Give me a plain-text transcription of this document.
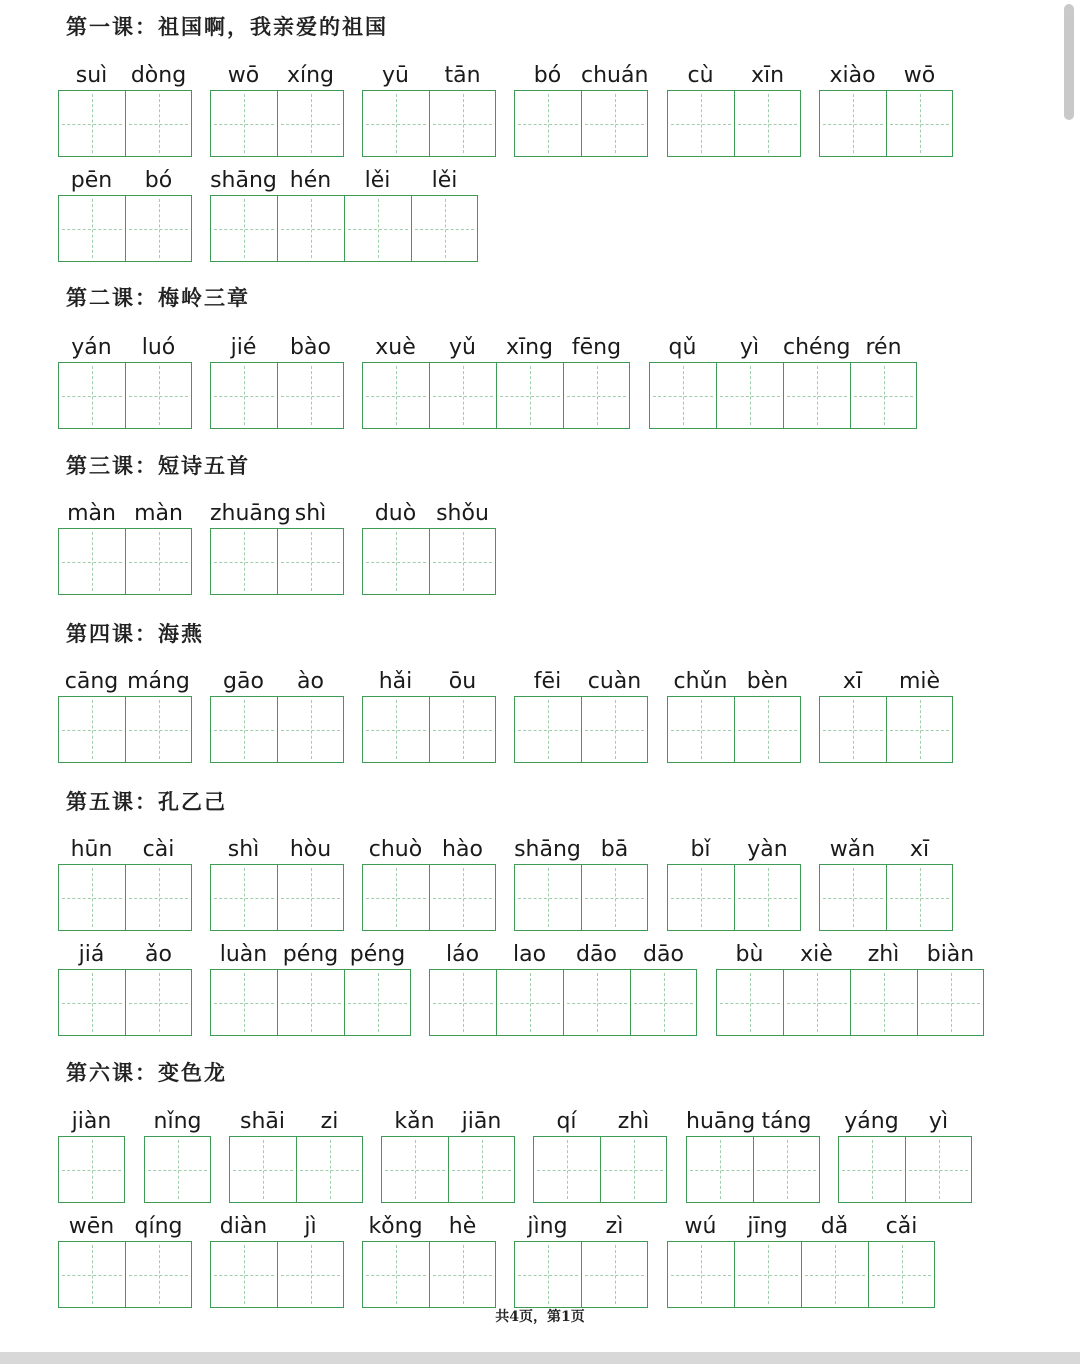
第一课：祖国啊，我亲爱的祖国
suì	dòng	wō	xíng	yū	tān	bó chuán	cù	xīn	xiào	wō
pēn	bó	shāng hén	lěi	lěi
第二课：梅岭三章
yán	luó	jié	bào	xuè	yǔ	xīng fēng	qǔ	yì	chéng rén
第三课：短诗五首
màn màn	zhuāng shì	duò shǒu
第四课：海燕
cāng máng	gāo	ào	hǎi	ōu	fēi	cuàn	chǔn bèn	xī	miè
第五课：孔乙己
hūn	cài	shì	hòu	chuò hào	shāng bā	bǐ	yàn	wǎn	xī
jiá	ǎo	luàn péng péng	láo	lao	dāo	dāo	bù	xiè	zhì	biàn
第六课：变色龙
jiàn	nǐng	shāi	zi	kǎn	jiān	qí	zhì	huāng táng	yáng	yì
wēn qíng	diàn	jì	kǒng	hè	jìng	zì	wú	jīng	dǎ	cǎi
共4页，第1页
